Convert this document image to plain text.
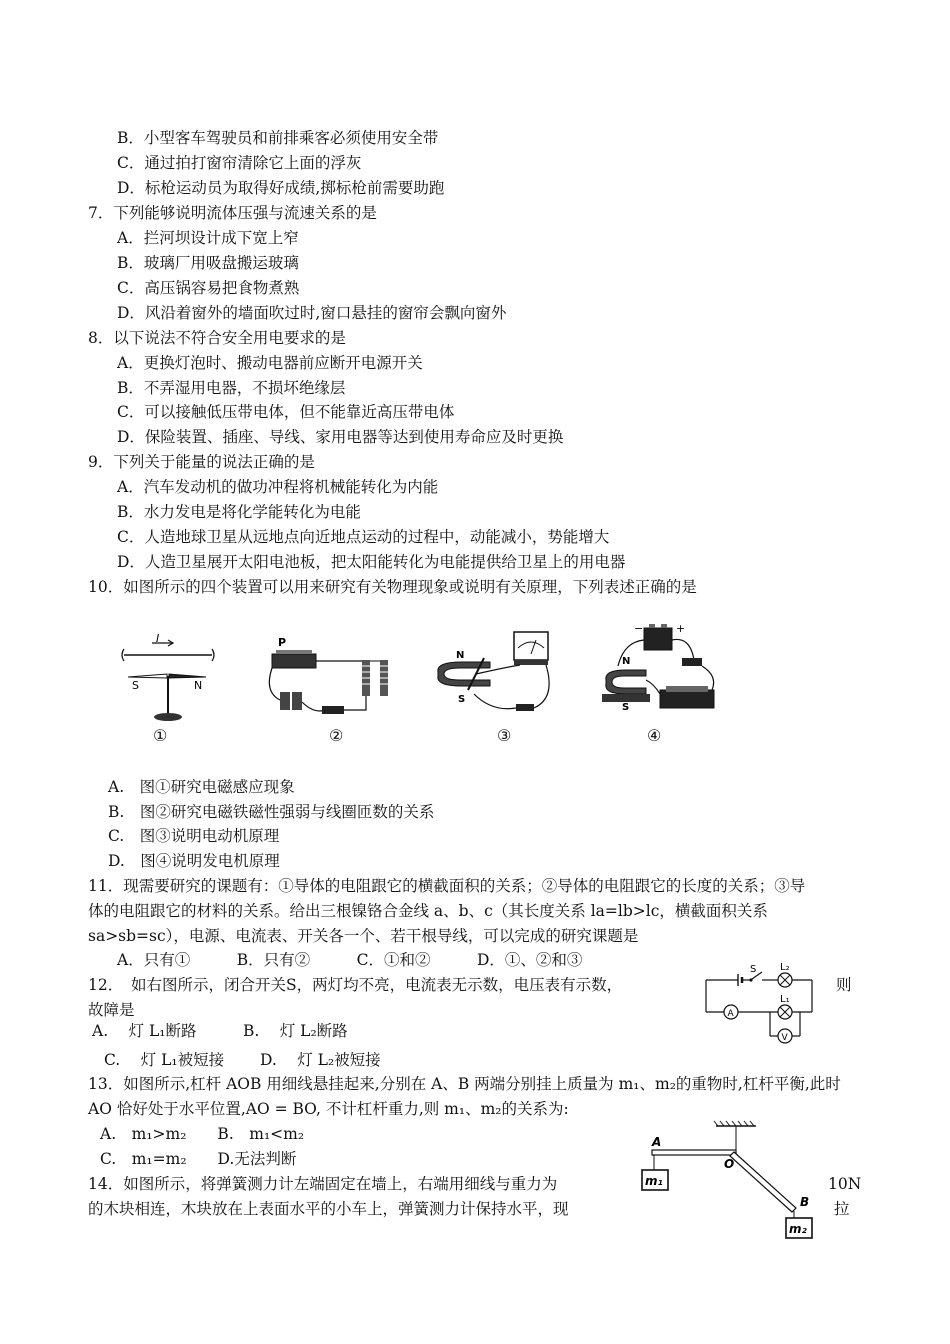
B．小型客车驾驶员和前排乘客必须使用安全带
C．通过拍打窗帘清除它上面的浮灰
D．标枪运动员为取得好成绩,掷标枪前需要助跑
7．下列能够说明流体压强与流速关系的是
A．拦河坝设计成下宽上窄
B．玻璃厂用吸盘搬运玻璃
C．高压锅容易把食物煮熟
D．风沿着窗外的墙面吹过时,窗口悬挂的窗帘会飘向窗外
8．以下说法不符合安全用电要求的是
A．更换灯泡时、搬动电器前应断开电源开关
B．不弄湿用电器，不损坏绝缘层
C．可以接触低压带电体，但不能靠近高压带电体
D．保险装置、插座、导线、家用电器等达到使用寿命应及时更换
9．下列关于能量的说法正确的是
A．汽车发动机的做功冲程将机械能转化为内能
B．水力发电是将化学能转化为电能
C．人造地球卫星从远地点向近地点运动的过程中，动能减小，势能增大
D．人造卫星展开太阳电池板，把太阳能转化为电能提供给卫星上的用电器
10．如图所示的四个装置可以用来研究有关物理现象或说明有关原理，下列表述正确的是
I
S	N
①
P
②
N
S
③
−	+
N
S
④
A.　图①研究电磁感应现象
B.　图②研究电磁铁磁性强弱与线圈匝数的关系
C.　图③说明电动机原理
D.　图④说明发电机原理
11．现需要研究的课题有：①导体的电阻跟它的横截面积的关系；②导体的电阻跟它的长度的关系；③导
体的电阻跟它的材料的关系。给出三根镍铬合金线 a、b、c（其长度关系 la=lb>lc，横截面积关系
sa>sb=sc），电源、电流表、开关各一个、若干根导线，可以完成的研究课题是
A．只有①　　　B．只有②　　　C．①和②　　　D．①、②和③
12．　如右图所示，闭合开关S，两灯均不亮，电流表无示数，电压表有示数，	则
故障是
A.　 灯 L₁断路　　　B.　 灯 L₂断路
C.　 灯 L₁被短接　　 D.　 灯 L₂被短接
S L₂
A
L₁
V
13．如图所示,杠杆 AOB 用细线悬挂起来,分别在 A、B 两端分别挂上质量为 m₁、m₂的重物时,杠杆平衡,此时
AO 恰好处于水平位置,AO = BO, 不计杠杆重力,则 m₁、m₂的关系为:
A.　m₁>m₂　　B.　m₁<m₂
C.　m₁=m₂　　D.无法判断
A
O
B
m₁
m₂
14．如图所示，将弹簧测力计左端固定在墙上，右端用细线与重力为	10N
的木块相连，木块放在上表面水平的小车上，弹簧测力计保持水平，现	拉
